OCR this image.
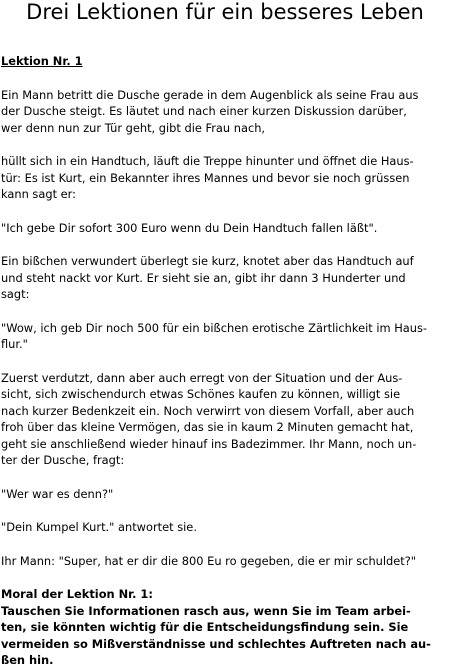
Drei Lektionen für ein besseres Leben
Lektion Nr. 1

Ein Mann betritt die Dusche gerade in dem Augenblick als seine Frau aus
der Dusche steigt. Es läutet und nach einer kurzen Diskussion darüber,
wer denn nun zur Tür geht, gibt die Frau nach,

hüllt sich in ein Handtuch, läuft die Treppe hinunter und öffnet die Haus-
tür: Es ist Kurt, ein Bekannter ihres Mannes und bevor sie noch grüssen
kann sagt er:

"Ich gebe Dir sofort 300 Euro wenn du Dein Handtuch fallen läßt".

Ein bißchen verwundert überlegt sie kurz, knotet aber das Handtuch auf
und steht nackt vor Kurt. Er sieht sie an, gibt ihr dann 3 Hunderter und
sagt:

"Wow, ich geb Dir noch 500 für ein bißchen erotische Zärtlichkeit im Haus-
flur."

Zuerst verdutzt, dann aber auch erregt von der Situation und der Aus-
sicht, sich zwischendurch etwas Schönes kaufen zu können, willigt sie
nach kurzer Bedenkzeit ein. Noch verwirrt von diesem Vorfall, aber auch
froh über das kleine Vermögen, das sie in kaum 2 Minuten gemacht hat,
geht sie anschließend wieder hinauf ins Badezimmer. Ihr Mann, noch un-
ter der Dusche, fragt:

"Wer war es denn?"

"Dein Kumpel Kurt." antwortet sie.

Ihr Mann: "Super, hat er dir die 800 Eu ro gegeben, die er mir schuldet?"

Moral der Lektion Nr. 1:
Tauschen Sie Informationen rasch aus, wenn Sie im Team arbei-
ten, sie könnten wichtig für die Entscheidungsfindung sein. Sie
vermeiden so Mißverständnisse und schlechtes Auftreten nach au-
ßen hin.
